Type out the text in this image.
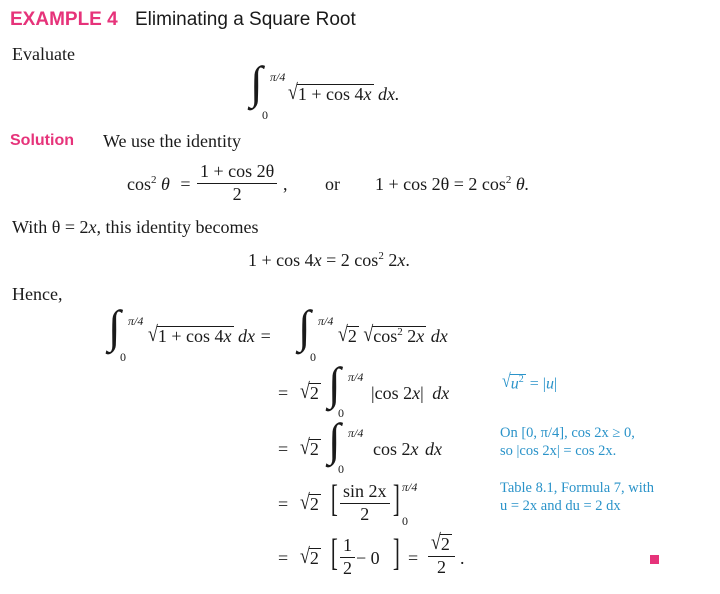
EXAMPLE 4 Eliminating a Square Root
Evaluate
∫ π/4
0
√1 + cos 4x dx.
Solution We use the identity
$\cos^2 \theta = \frac{1 + \cos 2\theta}{2}$ , or 1 + cos 2θ = 2 $\cos^2 \theta$.
With θ = 2x, this identity becomes
1 + cos 4x = 2 $\cos^2 2x$.
Hence,
∫ π/4
0
√1 + cos 4x dx = ∫ π/4
0
√2 $√\cos^2$ 2x dx
= √2 ∫ π/4
0
|cos 2x| dx
= √2 ∫ π/4
0
cos 2x dx
= √2 [ $\frac{\sin 2x}{2}$ ] π/4
0
= √2 [ $\frac{1}{2} - 0$ ] = $\frac{√2}{2}$ .
$√u^2 = |u|$
On [0, π/4], cos 2x ≥ 0,
so |cos 2x| = cos 2x.
Table 8.1, Formula 7, with
u = 2x and du = 2 dx
